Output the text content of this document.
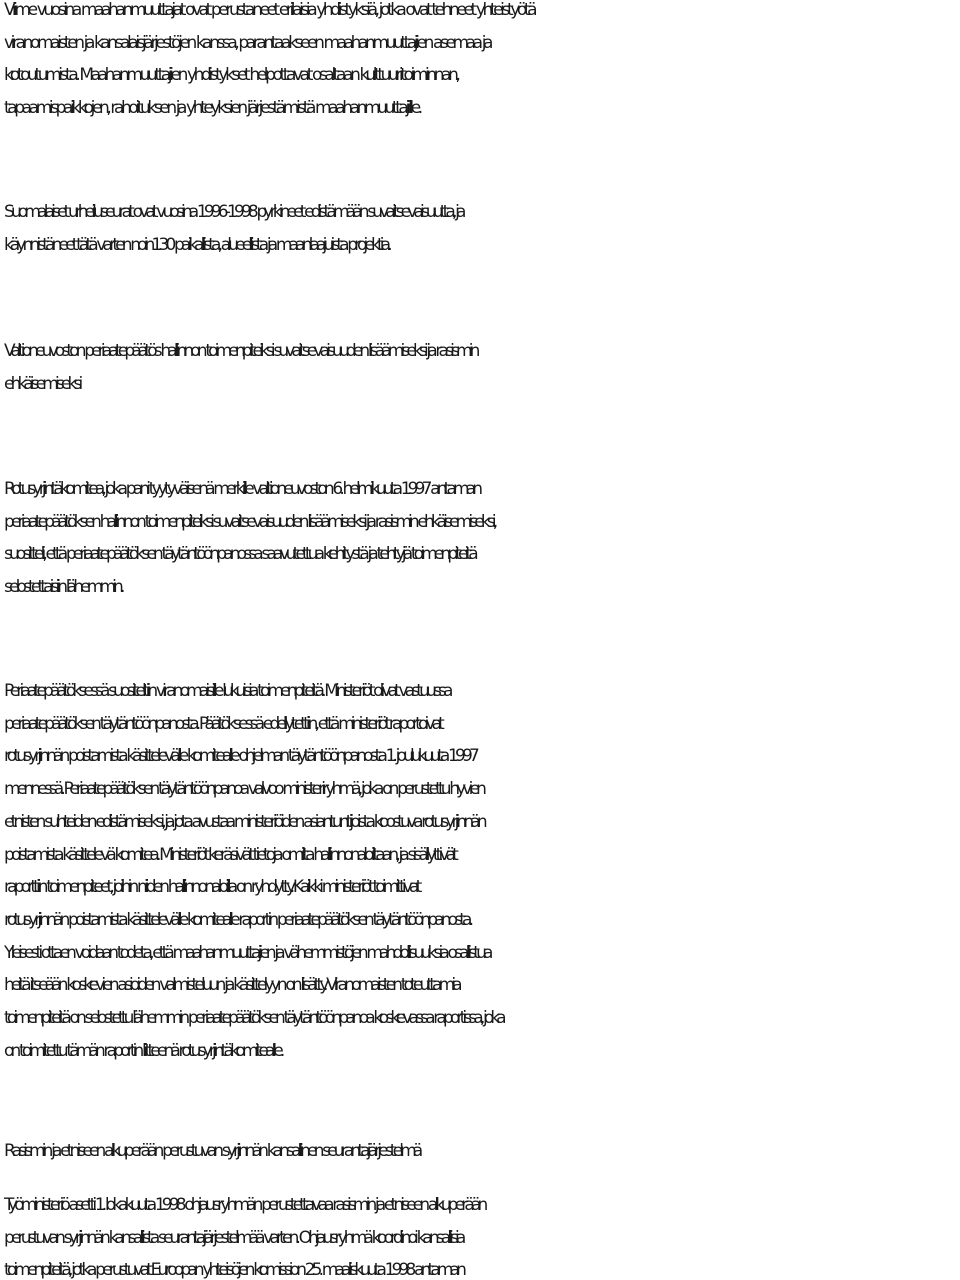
Viime vuosina maahanmuuttajat ovat perustaneet erilaisia yhdistyksiä, jotka ovat tehneet yhteistyötä
viranomaisten ja kansalaisjärjestöjen kanssa, parantaakseen maahanmuuttajien asemaa ja
kotoutumista. Maahanmuuttajien yhdistykset helpottavat osaltaan kulttuuritoiminnan,
tapaamispaikkojen, rahoituksen ja yhteyksien järjestämistä maahanmuuttajille.
Suomalaiset urheiluseurat ovat vuosina 1996-1998 pyrkineet edistämään suvaitsevaisuutta, ja
käynnistäneet tätä varten noin130 paikallista, alueellista ja maanlaajuista projektia.
Valtioneuvoston periaatepäätös hallinnon toimenpiteiksi suvaitsevaisuuden lisäämiseksi ja rasismin
ehkäisemiseksi
Rotusyrjintäkomitea, joka pani tyytyväisenä merkille valtioneuvoston 6. helmikuuta 1997 antaman
periaatepäätöksen hallinnon toimenpiteiksi suvaitsevaisuuden lisäämiseksi ja rasismin ehkäisemiseksi,
suositteli, että periaatepäätöksen täytäntöönpanossa saavutettua kehitystä ja tehtyjä toimenpiteitä
selostettaisiin lähemmin.
Periaatepäätöksessä suositeltiin viranomaisille lukuisia toimenpiteitä. Ministeriöt olivat vastuussa
periaatepäätöksen täytäntöönpanosta. Päätöksessä edellytettiin, että ministeriöt raportoivat
rotusyrjinnän poistamista käsittelevälle komitealle ohjelman täytäntöönpanosta 1. joulukuuta 1997
mennessä. Periaatepäätöksen täytäntöönpanoa valvoo ministeriryhmä, joka on perustettu hyvien
etnisten suhteiden edistämiseksi, ja jota avustaa ministeriöiden asiantuntijoista koostuva rotusyrjinnän
poistamista käsittelevä komitea. Ministeriöt keräsivät tietoja omilta hallinnonaloiltaan, ja sisällyttivät
raporttiin toimenpiteet, joihin niiden hallinnonaloilla on ryhdytty. Kaikki ministeriöt toimittivat
rotusyrjinnän poistamista käsittelevälle komitealle raportin periaatepäätöksen täytäntöönpanosta.
Yleisesti ottaen voidaan todeta, että maahanmuuttajien ja vähemmistöjen mahdollisuuksia osallistua
heitä itseään koskevien asioiden valmisteluun ja käsittelyyn on lisätty. Viranomaisten toteuttamia
toimenpiteitä on selostettu lähemmin periaatepäätöksen täytäntöönpanoa koskevassa raportissa, joka
on toimitettu tämän raportin liitteenä rotusyrjintäkomitealle.
Rasismin ja etniseen alkuperään perustuvan syrjinnän kansallinen seurantajärjestelmä
Työministeriö asetti 1. lokakuuta 1998 ohjausryhmän perustettavaa rasismin ja etniseen alkuperään
perustuvan syrjinnän kansallista seurantajärjestelmää varten. Ohjausryhmä koordinoi kansallisia
toimenpiteitä, jotka perustuvat Euroopan yhteisöjen komission 25. maaliskuuta 1998 antaman
